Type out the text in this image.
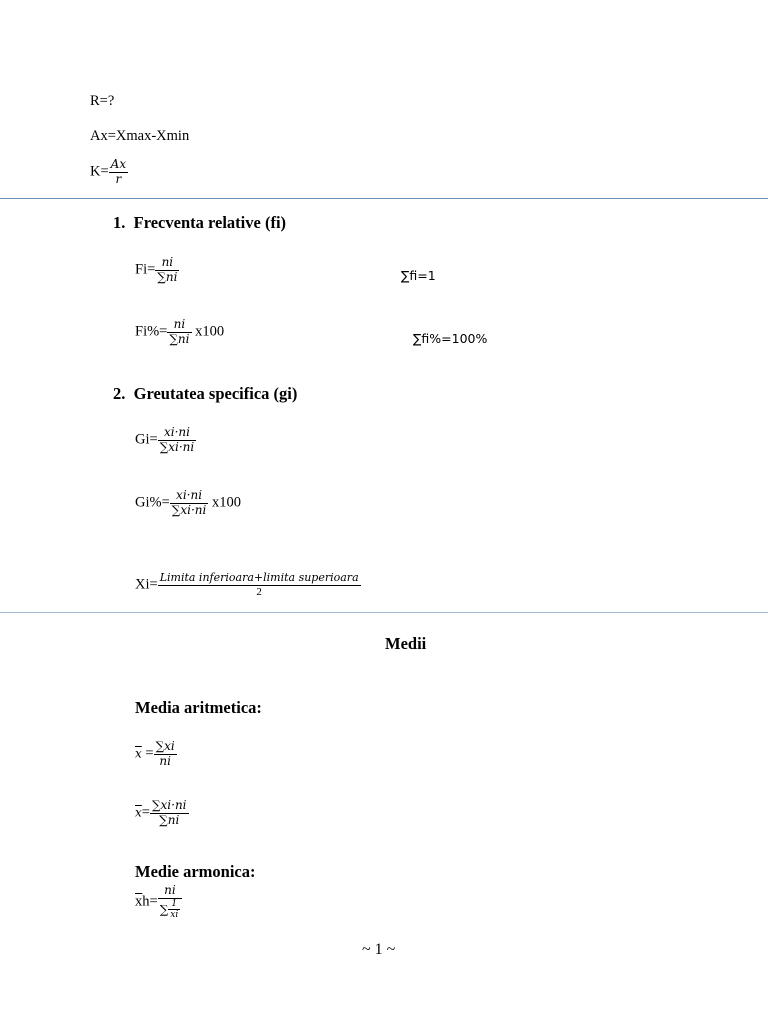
R=?
Ax=Xmax-Xmin
$K= \frac{Ax}{r}$
1. Frecventa relative (fi)
$Fi= \frac{ni}{\sum ni}$	∑fi=1
$Fi\%= \frac{ni}{\sum ni} x100$	∑fi%=100%
2. Greutatea specifica (gi)
$Gi= \frac{xi\cdot ni}{\sum xi\cdot ni}$
$Gi\%= \frac{xi\cdot ni}{\sum xi\cdot ni} x100$
$Xi= \frac{\text{Limita inferioara+limita superioara}}{2}$
Medii
Media aritmetica:
$\overline{x} = \frac{\sum xi}{ni}$
$\overline{x}= \frac{\sum xi\cdot ni}{\sum ni}$
Medie armonica:
$\overline{x}h= \frac{ni}{\sum \frac{1}{xi}}$
~ 1 ~
